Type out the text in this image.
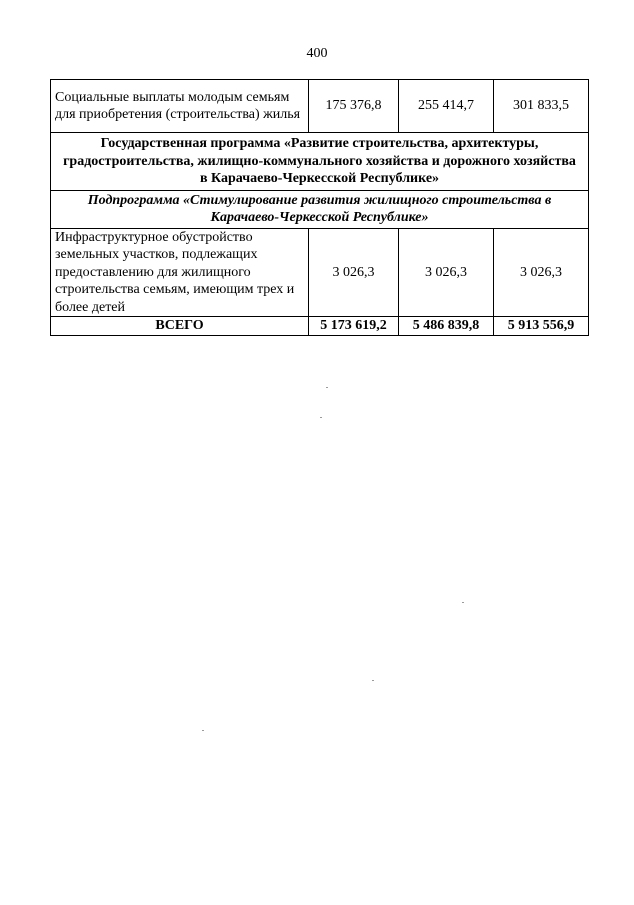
400
Социальные выплаты молодым семьям для приобретения (строительства) жилья	175 376,8	255 414,7	301 833,5
Государственная программа «Развитие строительства, архитектуры, градостроительства, жилищно-коммунального хозяйства и дорожного хозяйства в Карачаево-Черкесской Республике»			
Подпрограмма «Стимулирование развития жилищного строительства в Карачаево-Черкесской Республике»			
Инфраструктурное обустройство земельных участков, подлежащих предоставлению для жилищного строительства семьям, имеющим трех и более детей	3 026,3	3 026,3	3 026,3
ВСЕГО	5 173 619,2	5 486 839,8	5 913 556,9
